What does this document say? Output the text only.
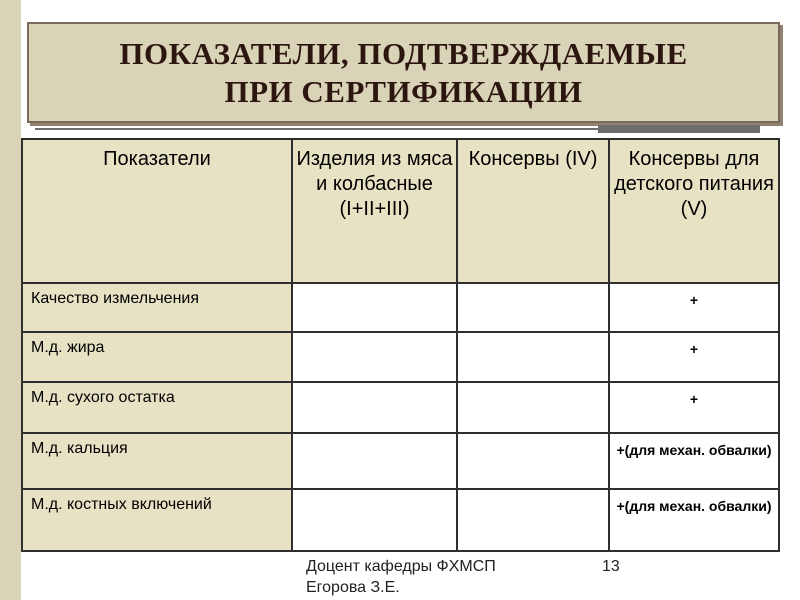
ПОКАЗАТЕЛИ, ПОДТВЕРЖДАЕМЫЕ
ПРИ СЕРТИФИКАЦИИ
Показатели	Изделия из мяса и колбасные (I+II+III)	Консервы (IV)	Консервы для детского питания (V)
Качество измельчения			+
М.д. жира			+
М.д. сухого остатка			+
М.д. кальция			+(для механ. обвалки)
М.д. костных включений			+(для механ. обвалки)
Доцент кафедры ФХМСП
Егорова З.Е.
13
